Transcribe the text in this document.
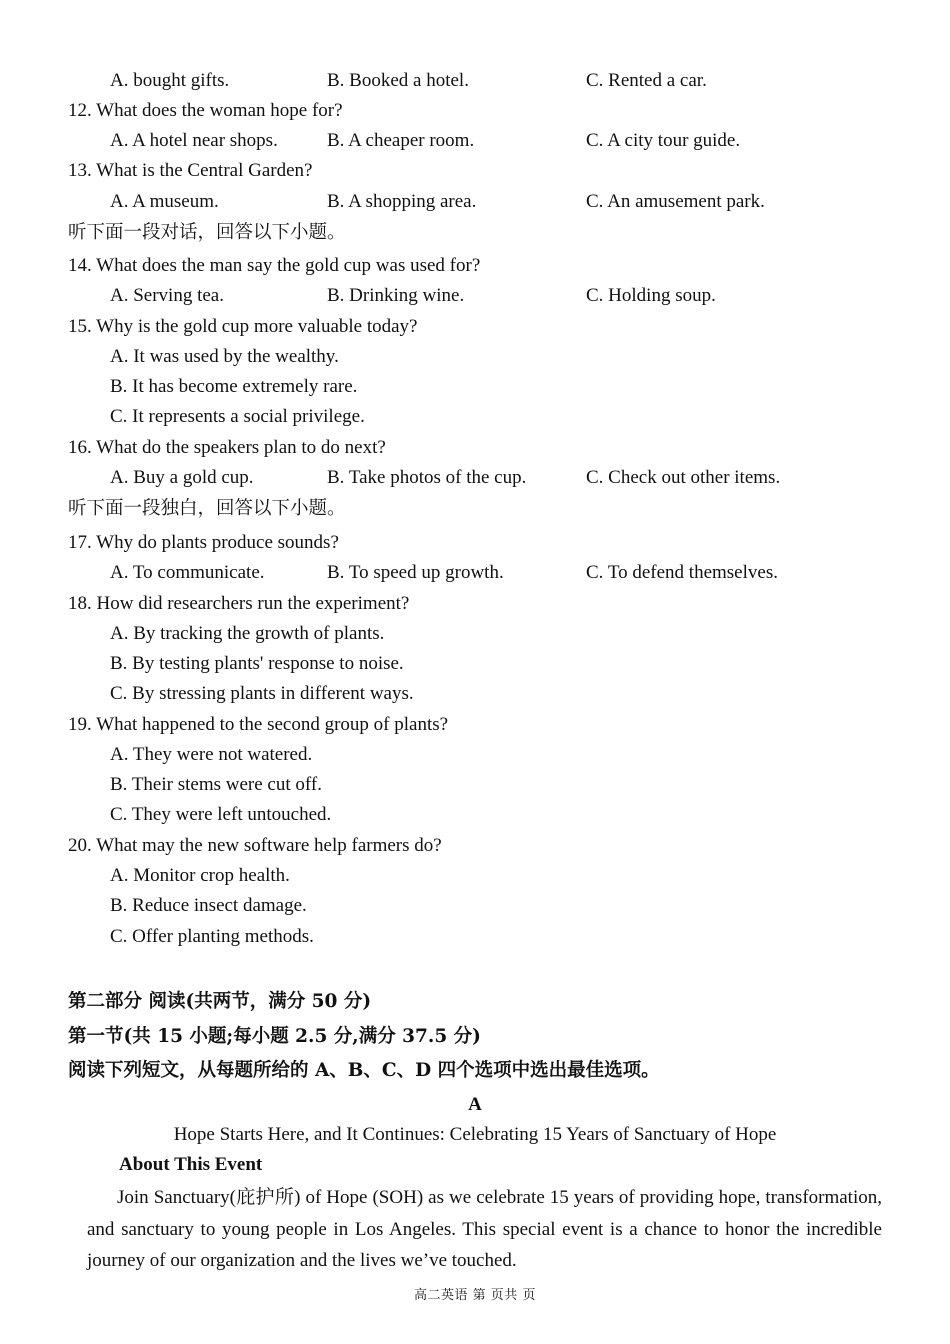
A. bought gifts.	B. Booked a hotel.	C. Rented a car.
12. What does the woman hope for?
A. A hotel near shops.	B. A cheaper room.	C. A city tour guide.
13. What is the Central Garden?
A. A museum.	B. A shopping area.	C. An amusement park.
听下面一段对话，回答以下小题。
14. What does the man say the gold cup was used for?
A. Serving tea.	B. Drinking wine.	C. Holding soup.
15. Why is the gold cup more valuable today?
A. It was used by the wealthy.
B. It has become extremely rare.
C. It represents a social privilege.
16. What do the speakers plan to do next?
A. Buy a gold cup.	B. Take photos of the cup.	C. Check out other items.
听下面一段独白，回答以下小题。
17. Why do plants produce sounds?
A. To communicate.	B. To speed up growth.	C. To defend themselves.
18. How did researchers run the experiment?
A. By tracking the growth of plants.
B. By testing plants' response to noise.
C. By stressing plants in different ways.
19. What happened to the second group of plants?
A. They were not watered.
B. Their stems were cut off.
C. They were left untouched.
20. What may the new software help farmers do?
A. Monitor crop health.
B. Reduce insect damage.
C. Offer planting methods.
第二部分 阅读(共两节，满分 50 分)
第一节(共 15 小题;每小题 2.5 分,满分 37.5 分)
阅读下列短文，从每题所给的 A、B、C、D 四个选项中选出最佳选项。
A
Hope Starts Here, and It Continues: Celebrating 15 Years of Sanctuary of Hope
About This Event
Join Sanctuary(庇护所) of Hope (SOH) as we celebrate 15 years of providing hope, transformation, and sanctuary to young people in Los Angeles. This special event is a chance to honor the incredible journey of our organization and the lives we’ve touched.
高二英语 第 页共 页
